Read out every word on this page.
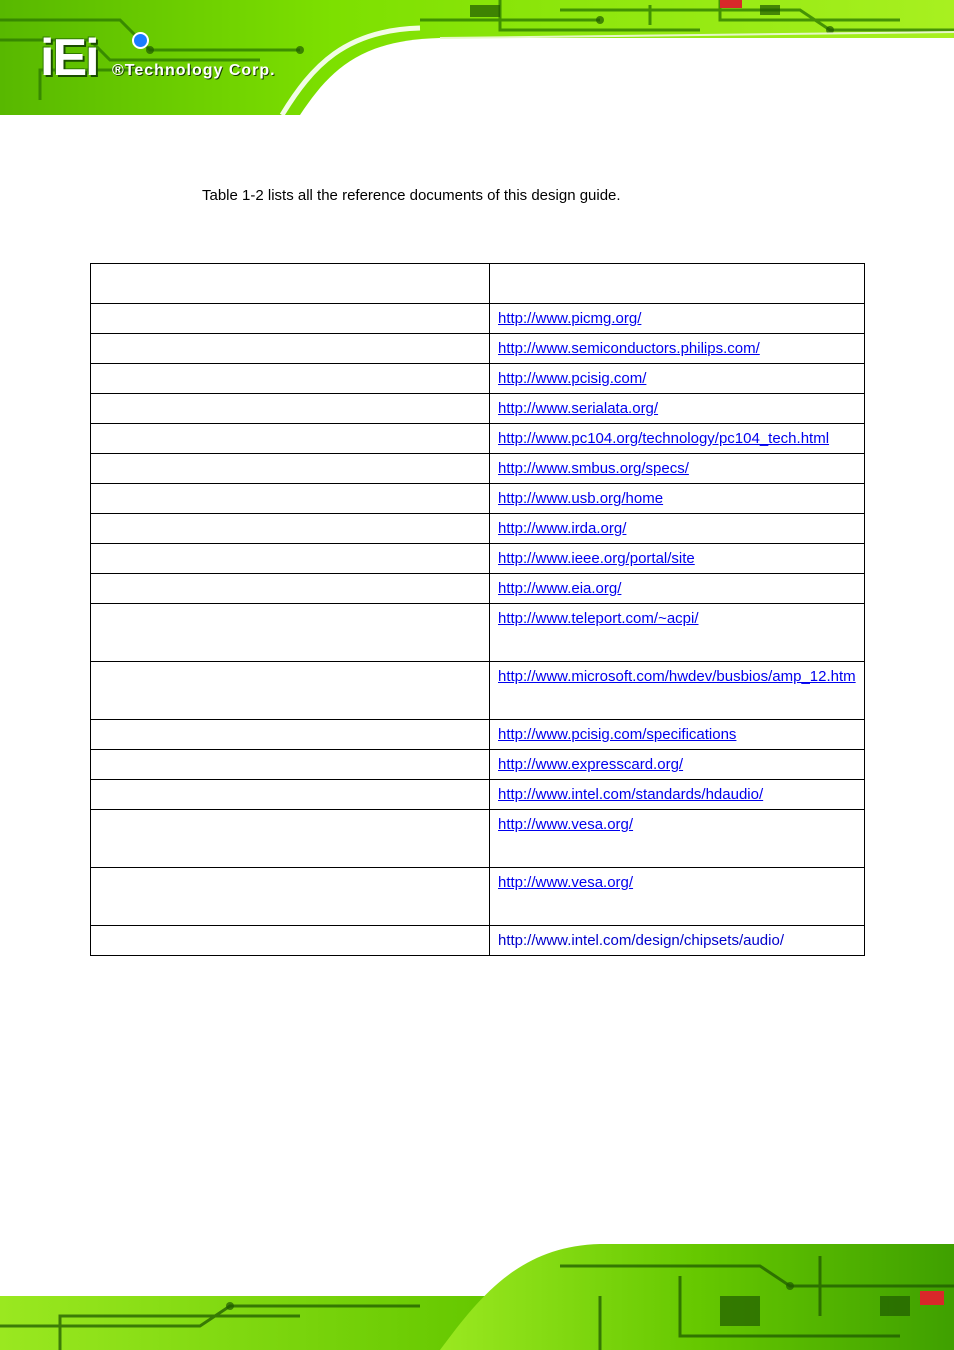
iEi ®Technology Corp.
Table 1-2 lists all the reference documents of this design guide.

	http://www.picmg.org/
	http://www.semiconductors.philips.com/
	http://www.pcisig.com/
	http://www.serialata.org/
	http://www.pc104.org/technology/pc104_tech.html
	http://www.smbus.org/specs/
	http://www.usb.org/home
	http://www.irda.org/
	http://www.ieee.org/portal/site
	http://www.eia.org/
	http://www.teleport.com/~acpi/
	http://www.microsoft.com/hwdev/busbios/amp_12.htm
	http://www.pcisig.com/specifications
	http://www.expresscard.org/
	http://www.intel.com/standards/hdaudio/
	http://www.vesa.org/
	http://www.vesa.org/
	http://www.intel.com/design/chipsets/audio/
